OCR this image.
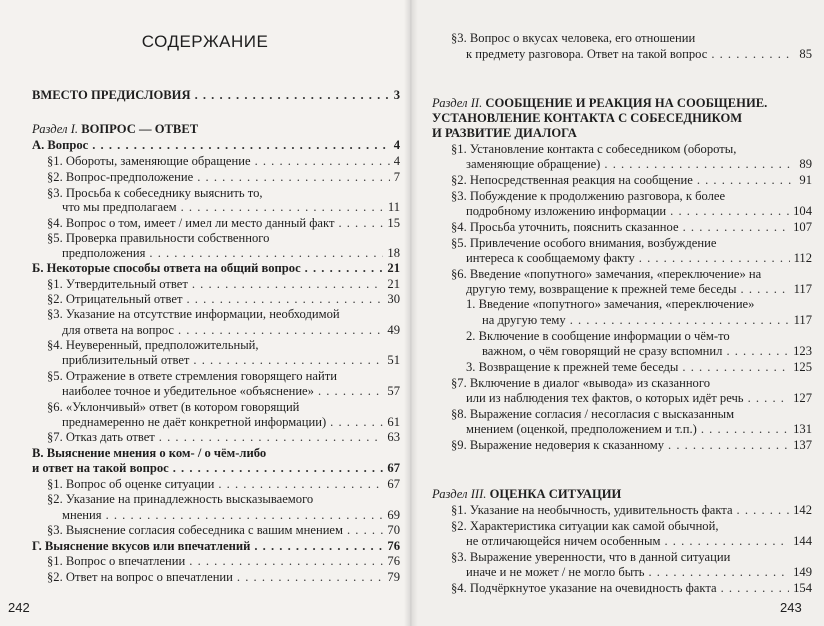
СОДЕРЖАНИЕ
ВМЕСТО ПРЕДИСЛОВИЯ . . .	3
Раздел I. ВОПРОС — ОТВЕТ
А. Вопрос . . .	4
§1. Обороты, заменяющие обращение . . .	4
§2. Вопрос-предположение . . .	7
§3. Просьба к собеседнику выяснить то,
что мы предполагаем . . .	11
§4. Вопрос о том, имеет / имел ли место данный факт . . .	15
§5. Проверка правильности собственного
предположения . . .	18
Б. Некоторые способы ответа на общий вопрос . . .	21
§1. Утвердительный ответ . . .	21
§2. Отрицательный ответ . . .	30
§3. Указание на отсутствие информации, необходимой
для ответа на вопрос . . .	49
§4. Неуверенный, предположительный,
приблизительный ответ . . .	51
§5. Отражение в ответе стремления говорящего найти
наиболее точное и убедительное «объяснение» . . .	57
§6. «Уклончивый» ответ (в котором говорящий
преднамеренно не даёт конкретной информации) . . .	61
§7. Отказ дать ответ . . .	63
В. Выяснение мнения о ком- / о чём-либо
и ответ на такой вопрос . . .	67
§1. Вопрос об оценке ситуации . . .	67
§2. Указание на принадлежность высказываемого
мнения . . .	69
§3. Выяснение согласия собеседника с вашим мнением . . .	70
Г. Выяснение вкусов или впечатлений . . .	76
§1. Вопрос о впечатлении . . .	76
§2. Ответ на вопрос о впечатлении . . .	79
242
§3. Вопрос о вкусах человека, его отношении
к предмету разговора. Ответ на такой вопрос . . .	85
Раздел II. СООБЩЕНИЕ И РЕАКЦИЯ НА СООБЩЕНИЕ.
УСТАНОВЛЕНИЕ КОНТАКТА С СОБЕСЕДНИКОМ
И РАЗВИТИЕ ДИАЛОГА
§1. Установление контакта с собеседником (обороты,
заменяющие обращение) . . .	89
§2. Непосредственная реакция на сообщение . . .	91
§3. Побуждение к продолжению разговора, к более
подробному изложению информации . . .	104
§4. Просьба уточнить, пояснить сказанное . . .	107
§5. Привлечение особого внимания, возбуждение
интереса к сообщаемому факту . . .	112
§6. Введение «попутного» замечания, «переключение» на
другую тему, возвращение к прежней теме беседы . . .	117
1. Введение «попутного» замечания, «переключение»
на другую тему . . .	117
2. Включение в сообщение информации о чём-то
важном, о чём говорящий не сразу вспомнил . . .	123
3. Возвращение к прежней теме беседы . . .	125
§7. Включение в диалог «вывода» из сказанного
или из наблюдения тех фактов, о которых идёт речь . . .	127
§8. Выражение согласия / несогласия с высказанным
мнением (оценкой, предположением и т.п.) . . .	131
§9. Выражение недоверия к сказанному . . .	137
Раздел III. ОЦЕНКА СИТУАЦИИ
§1. Указание на необычность, удивительность факта . . .	142
§2. Характеристика ситуации как самой обычной,
не отличающейся ничем особенным . . .	144
§3. Выражение уверенности, что в данной ситуации
иначе и не может / не могло быть . . .	149
§4. Подчёркнутое указание на очевидность факта . . .	154
243
